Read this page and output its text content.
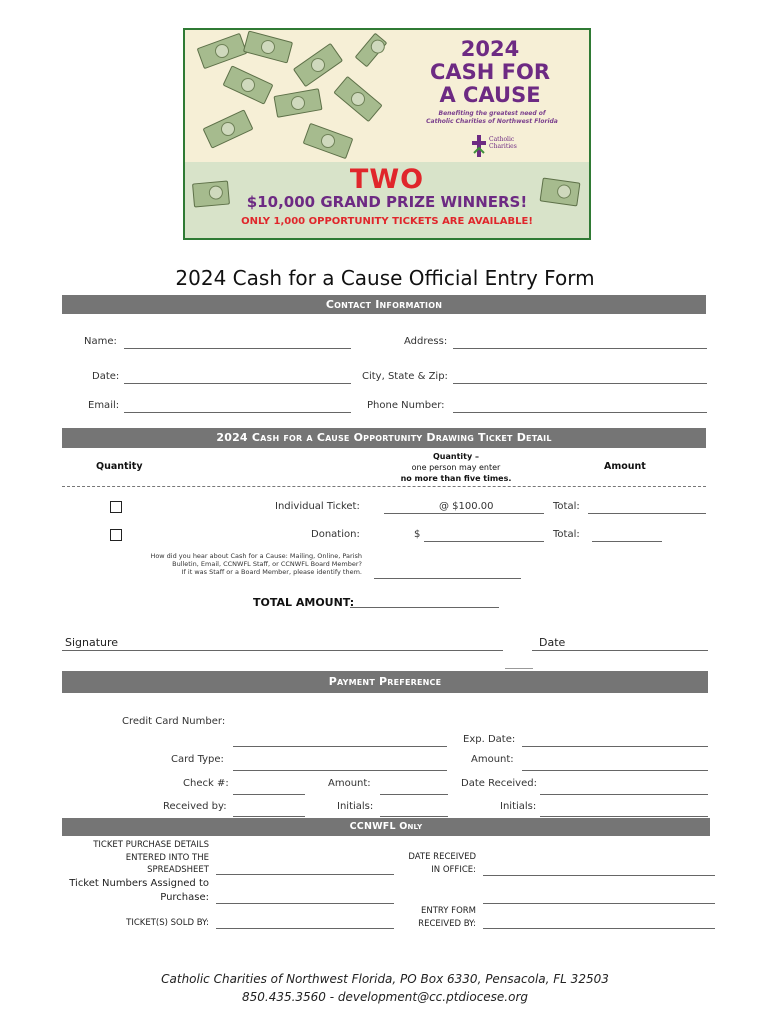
2024
CASH FOR
A CAUSE
Benefiting the greatest need of
Catholic Charities of Northwest Florida
Catholic
Charities
TWO
$10,000 GRAND PRIZE WINNERS!
ONLY 1,000 OPPORTUNITY TICKETS ARE AVAILABLE!
2024 Cash for a Cause Official Entry Form
Contact Information
Name:	Address:
Date:	City, State & Zip:
Email:	Phone Number:
2024 Cash for a Cause Opportunity Drawing Ticket Detail
Quantity
Quantity –
one person may enter
no more than five times.
Amount
Individual Ticket:	@ $100.00	Total:
Donation:	$	Total:
How did you hear about Cash for a Cause: Mailing, Online, Parish
Bulletin, Email, CCNWFL Staff, or CCNWFL Board Member?
If it was Staff or a Board Member, please identify them.
TOTAL AMOUNT:
Signature	Date
Payment Preference
Credit Card Number:
Exp. Date:
Card Type:	Amount:
Check #:	Amount:	Date Received:
Received by:	Initials:	Initials:
CCNWFL Only
TICKET PURCHASE DETAILS
ENTERED INTO THE
SPREADSHEET
Ticket Numbers Assigned to
Purchase:
TICKET(S) SOLD BY:
DATE RECEIVED
IN OFFICE:
ENTRY FORM
RECEIVED BY:
Catholic Charities of Northwest Florida, PO Box 6330, Pensacola, FL 32503
850.435.3560 - development@cc.ptdiocese.org
